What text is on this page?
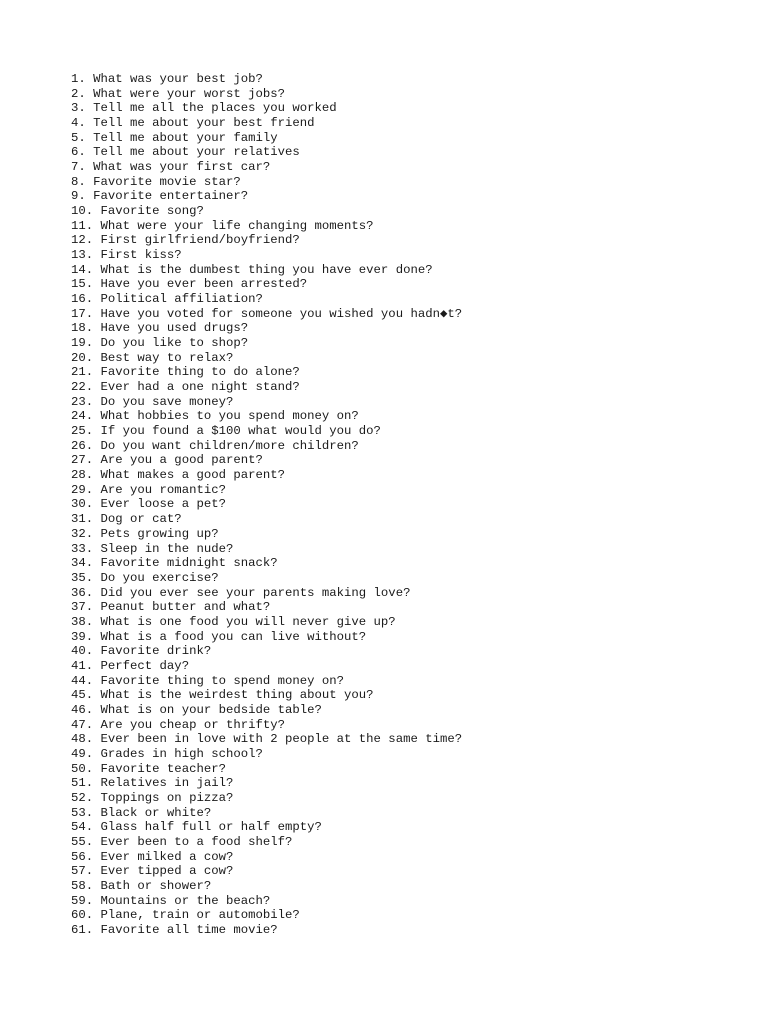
1. What was your best job?
2. What were your worst jobs?
3. Tell me all the places you worked
4. Tell me about your best friend
5. Tell me about your family
6. Tell me about your relatives
7. What was your first car?
8. Favorite movie star?
9. Favorite entertainer?
10. Favorite song?
11. What were your life changing moments?
12. First girlfriend/boyfriend?
13. First kiss?
14. What is the dumbest thing you have ever done?
15. Have you ever been arrested?
16. Political affiliation?
17. Have you voted for someone you wished you hadn◆t?
18. Have you used drugs?
19. Do you like to shop?
20. Best way to relax?
21. Favorite thing to do alone?
22. Ever had a one night stand?
23. Do you save money?
24. What hobbies to you spend money on?
25. If you found a $100 what would you do?
26. Do you want children/more children?
27. Are you a good parent?
28. What makes a good parent?
29. Are you romantic?
30. Ever loose a pet?
31. Dog or cat?
32. Pets growing up?
33. Sleep in the nude?
34. Favorite midnight snack?
35. Do you exercise?
36. Did you ever see your parents making love?
37. Peanut butter and what?
38. What is one food you will never give up?
39. What is a food you can live without?
40. Favorite drink?
41. Perfect day?
44. Favorite thing to spend money on?
45. What is the weirdest thing about you?
46. What is on your bedside table?
47. Are you cheap or thrifty?
48. Ever been in love with 2 people at the same time?
49. Grades in high school?
50. Favorite teacher?
51. Relatives in jail?
52. Toppings on pizza?
53. Black or white?
54. Glass half full or half empty?
55. Ever been to a food shelf?
56. Ever milked a cow?
57. Ever tipped a cow?
58. Bath or shower?
59. Mountains or the beach?
60. Plane, train or automobile?
61. Favorite all time movie?
